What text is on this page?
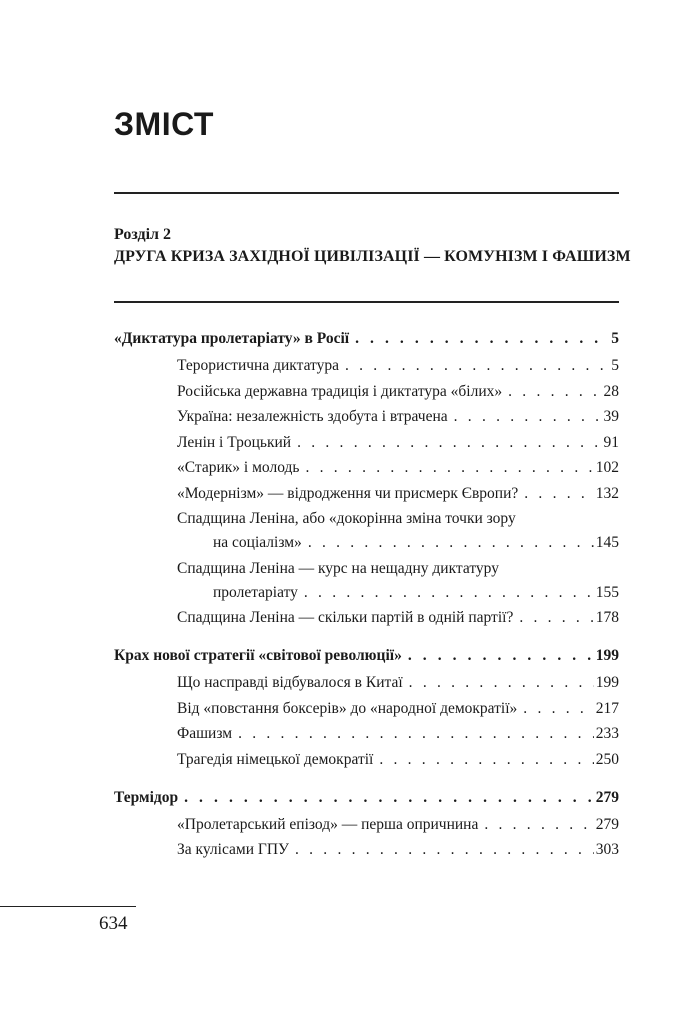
ЗМІСТ
Розділ 2
ДРУГА КРИЗА ЗАХІДНОЇ ЦИВІЛІЗАЦІЇ — КОМУНІЗМ І ФАШИЗМ
«Диктатура пролетаріату» в Росії . . .	5
Терористична диктатура . . .	5
Російська державна традиція і диктатура «білих» . . .	28
Україна: незалежність здобута і втрачена . . .	39
Ленін і Троцький . . .	91
«Старик» і молодь . . .	102
«Модернізм» — відродження чи присмерк Європи? . . .	132
Спадщина Леніна, або «докорінна зміна точки зору
на соціалізм» . . .	145
Спадщина Леніна — курс на нещадну диктатуру
пролетаріату . . .	155
Спадщина Леніна — скільки партій в одній партії? . . .	178
Крах нової стратегії «світової революції» . . .	199
Що насправді відбувалося в Китаї . . .	199
Від «повстання боксерів» до «народної демократії» . . .	217
Фашизм . . .	233
Трагедія німецької демократії . . .	250
Термідор . . .	279
«Пролетарський епізод» — перша опричнина . . .	279
За кулісами ГПУ . . .	303
634
